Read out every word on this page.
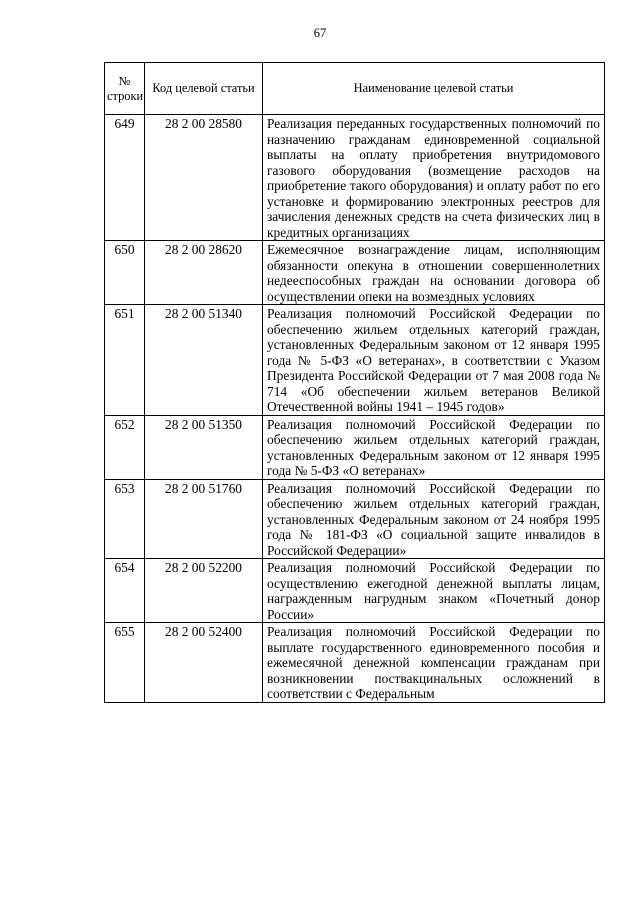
67
№ строки	Код целевой статьи	Наименование целевой статьи
649	28 2 00 28580	Реализация переданных государственных полномочий по назначению гражданам единовременной социальной выплаты на оплату приобретения внутридомового газового оборудования (возмещение расходов на приобретение такого оборудования) и оплату работ по его установке и формированию электронных реестров для зачисления денежных средств на счета физических лиц в кредитных организациях
650	28 2 00 28620	Ежемесячное вознаграждение лицам, исполняющим обязанности опекуна в отношении совершеннолетних недееспособных граждан на основании договора об осуществлении опеки на возмездных условиях
651	28 2 00 51340	Реализация полномочий Российской Федерации по обеспечению жильем отдельных категорий граждан, установленных Федеральным законом от 12 января 1995 года № 5-ФЗ «О ветеранах», в соответствии с Указом Президента Российской Федерации от 7 мая 2008 года № 714 «Об обеспечении жильем ветеранов Великой Отечественной войны 1941 – 1945 годов»
652	28 2 00 51350	Реализация полномочий Российской Федерации по обеспечению жильем отдельных категорий граждан, установленных Федеральным законом от 12 января 1995 года № 5-ФЗ «О ветеранах»
653	28 2 00 51760	Реализация полномочий Российской Федерации по обеспечению жильем отдельных категорий граждан, установленных Федеральным законом от 24 ноября 1995 года № 181-ФЗ «О социальной защите инвалидов в Российской Федерации»
654	28 2 00 52200	Реализация полномочий Российской Федерации по осуществлению ежегодной денежной выплаты лицам, награжденным нагрудным знаком «Почетный донор России»
655	28 2 00 52400	Реализация полномочий Российской Федерации по выплате государственного единовременного пособия и ежемесячной денежной компенсации гражданам при возникновении поствакцинальных осложнений в соответствии с Федеральным
